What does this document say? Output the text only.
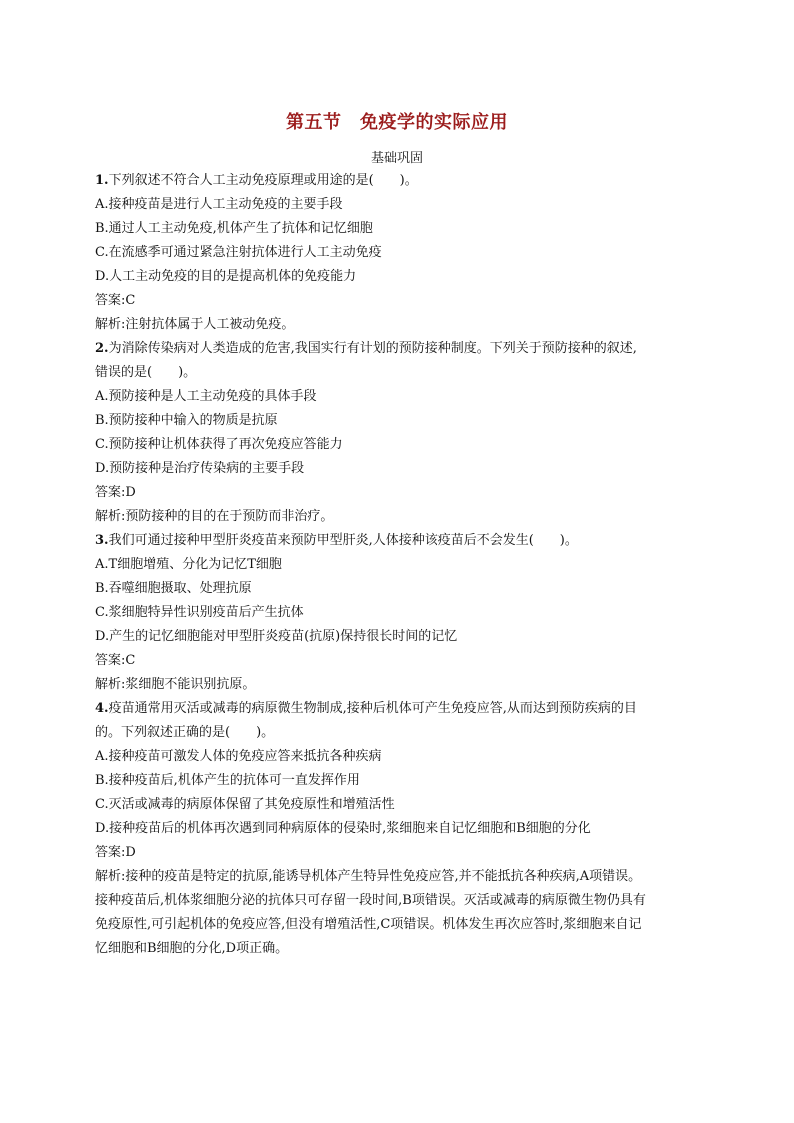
第五节　免疫学的实际应用
基础巩固

1.下列叙述不符合人工主动免疫原理或用途的是(　　)。

A.接种疫苗是进行人工主动免疫的主要手段

B.通过人工主动免疫,机体产生了抗体和记忆细胞

C.在流感季可通过紧急注射抗体进行人工主动免疫

D.人工主动免疫的目的是提高机体的免疫能力

答案:C

解析:注射抗体属于人工被动免疫。

2.为消除传染病对人类造成的危害,我国实行有计划的预防接种制度。下列关于预防接种的叙述,

错误的是(　　)。

A.预防接种是人工主动免疫的具体手段

B.预防接种中输入的物质是抗原

C.预防接种让机体获得了再次免疫应答能力

D.预防接种是治疗传染病的主要手段

答案:D

解析:预防接种的目的在于预防而非治疗。

3.我们可通过接种甲型肝炎疫苗来预防甲型肝炎,人体接种该疫苗后不会发生(　　)。

A.T细胞增殖、分化为记忆T细胞

B.吞噬细胞摄取、处理抗原

C.浆细胞特异性识别疫苗后产生抗体

D.产生的记忆细胞能对甲型肝炎疫苗(抗原)保持很长时间的记忆

答案:C

解析:浆细胞不能识别抗原。

4.疫苗通常用灭活或减毒的病原微生物制成,接种后机体可产生免疫应答,从而达到预防疾病的目

的。下列叙述正确的是(　　)。

A.接种疫苗可激发人体的免疫应答来抵抗各种疾病

B.接种疫苗后,机体产生的抗体可一直发挥作用

C.灭活或减毒的病原体保留了其免疫原性和增殖活性

D.接种疫苗后的机体再次遇到同种病原体的侵染时,浆细胞来自记忆细胞和B细胞的分化

答案:D

解析:接种的疫苗是特定的抗原,能诱导机体产生特异性免疫应答,并不能抵抗各种疾病,A项错误。

接种疫苗后,机体浆细胞分泌的抗体只可存留一段时间,B项错误。灭活或减毒的病原微生物仍具有

免疫原性,可引起机体的免疫应答,但没有增殖活性,C项错误。机体发生再次应答时,浆细胞来自记

忆细胞和B细胞的分化,D项正确。
